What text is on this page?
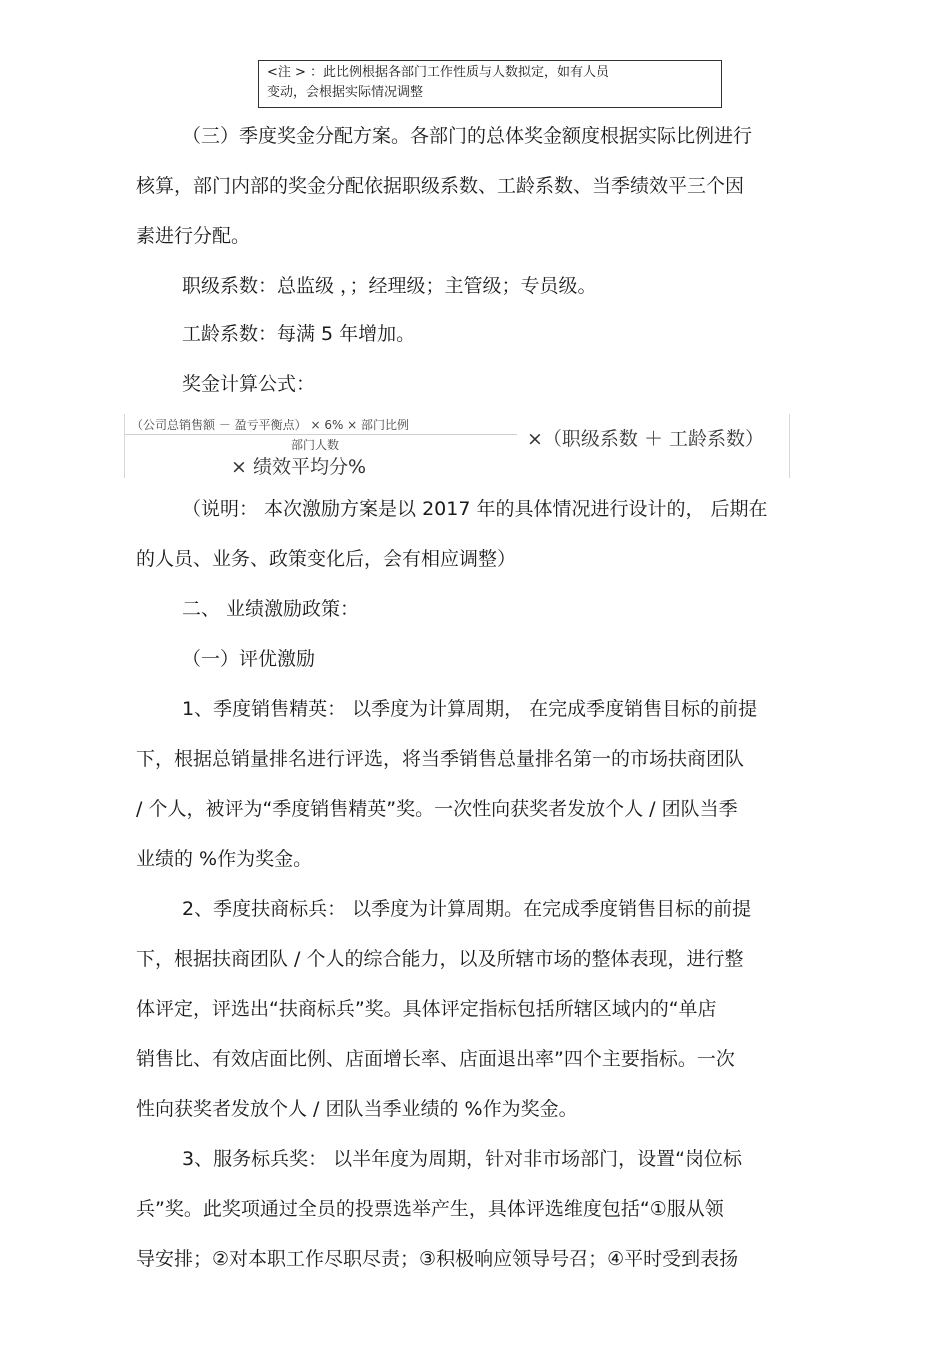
<注 > ：此比例根据各部门工作性质与人数拟定，如有人员
变动，会根据实际情况调整
（三）季度奖金分配方案。各部门的总体奖金额度根据实际比例进行
核算，部门内部的奖金分配依据职级系数、工龄系数、当季绩效平三个因
素进行分配。
职级系数：总监级 ，；经理级；主管级；专员级。
工龄系数：每满 5 年增加。
奖金计算公式：
（公司总销售额 － 盈亏平衡点） × 6% × 部门比例
部门人数	×（职级系数 ＋ 工龄系数）
× 绩效平均分%
（说明： 本次激励方案是以 2017 年的具体情况进行设计的， 后期在
的人员、业务、政策变化后，会有相应调整）
二、 业绩激励政策：
（一）评优激励
1、季度销售精英： 以季度为计算周期， 在完成季度销售目标的前提
下，根据总销量排名进行评选，将当季销售总量排名第一的市场扶商团队
/ 个人，被评为“季度销售精英”奖。一次性向获奖者发放个人 / 团队当季
业绩的 %作为奖金。
2、季度扶商标兵： 以季度为计算周期。在完成季度销售目标的前提
下，根据扶商团队 / 个人的综合能力，以及所辖市场的整体表现，进行整
体评定，评选出“扶商标兵”奖。具体评定指标包括所辖区域内的“单店
销售比、有效店面比例、店面增长率、店面退出率”四个主要指标。一次
性向获奖者发放个人 / 团队当季业绩的 %作为奖金。
3、服务标兵奖： 以半年度为周期，针对非市场部门，设置“岗位标
兵”奖。此奖项通过全员的投票选举产生，具体评选维度包括“①服从领
导安排；②对本职工作尽职尽责；③积极响应领导号召；④平时受到表扬
